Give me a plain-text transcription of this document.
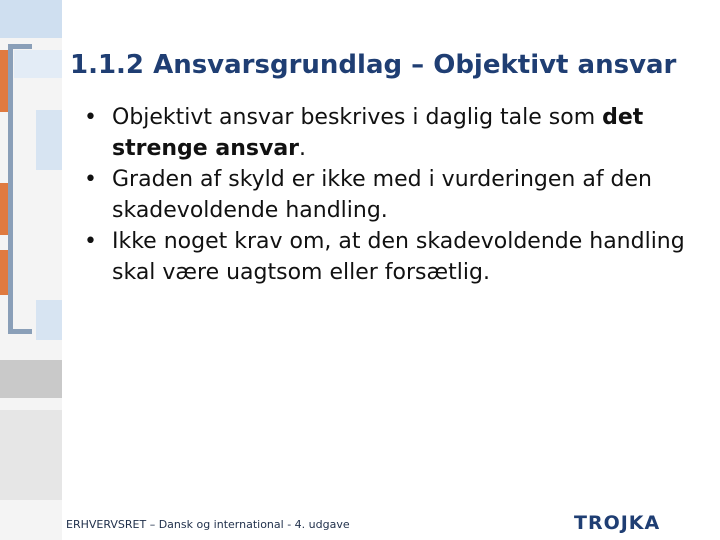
1.1.2 Ansvarsgrundlag – Objektivt ansvar
• Objektivt ansvar beskrives i daglig tale som det strenge ansvar.
• Graden af skyld er ikke med i vurderingen af den skadevoldende handling.
• Ikke noget krav om, at den skadevoldende handling skal være uagtsom eller forsætlig.
ERHVERVSRET – Dansk og international - 4. udgave	TROJKA
